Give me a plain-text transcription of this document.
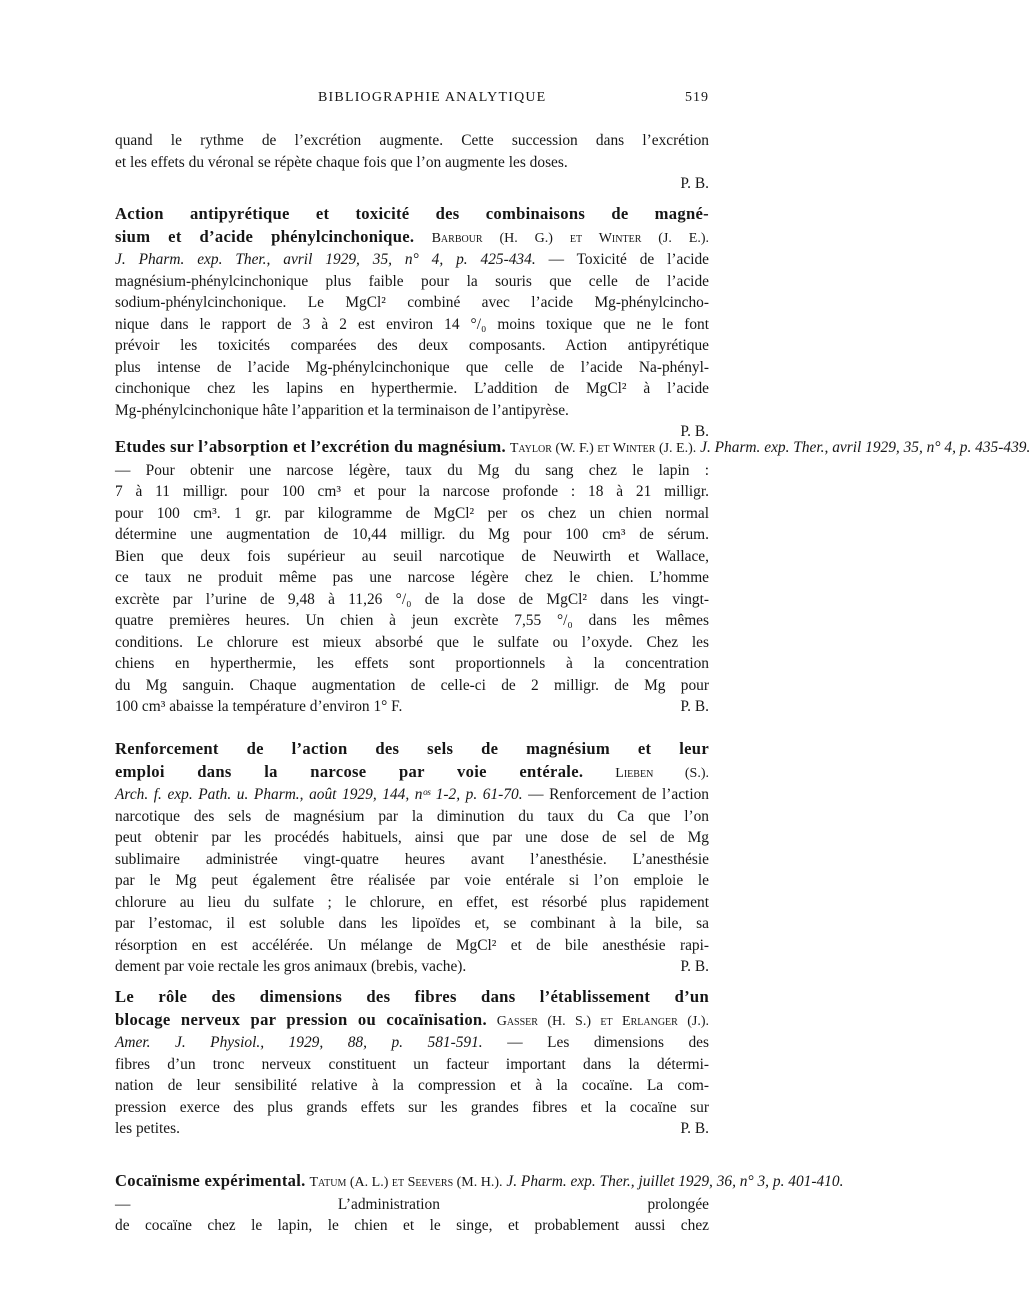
BIBLIOGRAPHIE ANALYTIQUE	519
quand le rythme de l’excrétion augmente. Cette succession dans l’excrétion
et les effets du véronal se répète chaque fois que l’on augmente les doses.
P. B.
Action antipyrétique et toxicité des combinaisons de magné-
sium et d’acide phénylcinchonique. Barbour (H. G.) et Winter (J. E.).
J. Pharm. exp. Ther., avril 1929, 35, n° 4, p. 425-434. — Toxicité de l’acide
magnésium-phénylcinchonique plus faible pour la souris que celle de l’acide
sodium-phénylcinchonique. Le MgCl² combiné avec l’acide Mg-phénylcincho-
nique dans le rapport de 3 à 2 est environ 14 °/₀ moins toxique que ne le font
prévoir les toxicités comparées des deux composants. Action antipyrétique
plus intense de l’acide Mg-phénylcinchonique que celle de l’acide Na-phényl-
cinchonique chez les lapins en hyperthermie. L’addition de MgCl² à l’acide
Mg-phénylcinchonique hâte l’apparition et la terminaison de l’antipyrèse.
P. B.
Etudes sur l’absorption et l’excrétion du magnésium. Taylor (W. F.) et Winter (J. E.). J. Pharm. exp. Ther., avril 1929, 35, n° 4, p. 435-439.
— Pour obtenir une narcose légère, taux du Mg du sang chez le lapin :
7 à 11 milligr. pour 100 cm³ et pour la narcose profonde : 18 à 21 milligr.
pour 100 cm³. 1 gr. par kilogramme de MgCl² per os chez un chien normal
détermine une augmentation de 10,44 milligr. du Mg pour 100 cm³ de sérum.
Bien que deux fois supérieur au seuil narcotique de Neuwirth et Wallace,
ce taux ne produit même pas une narcose légère chez le chien. L’homme
excrète par l’urine de 9,48 à 11,26 °/₀ de la dose de MgCl² dans les vingt-
quatre premières heures. Un chien à jeun excrète 7,55 °/₀ dans les mêmes
conditions. Le chlorure est mieux absorbé que le sulfate ou l’oxyde. Chez les
chiens en hyperthermie, les effets sont proportionnels à la concentration
du Mg sanguin. Chaque augmentation de celle-ci de 2 milligr. de Mg pour
100 cm³ abaisse la température d’environ 1° F.	P. B.
Renforcement de l’action des sels de magnésium et leur
emploi dans la narcose par voie entérale. Lieben (S.).
Arch. f. exp. Path. u. Pharm., août 1929, 144, nᵒˢ 1-2, p. 61-70. — Renforcement de l’action
narcotique des sels de magnésium par la diminution du taux du Ca que l’on
peut obtenir par les procédés habituels, ainsi que par une dose de sel de Mg
sublimaire administrée vingt-quatre heures avant l’anesthésie. L’anesthésie
par le Mg peut également être réalisée par voie entérale si l’on emploie le
chlorure au lieu du sulfate ; le chlorure, en effet, est résorbé plus rapidement
par l’estomac, il est soluble dans les lipoïdes et, se combinant à la bile, sa
résorption en est accélérée. Un mélange de MgCl² et de bile anesthésie rapi-
dement par voie rectale les gros animaux (brebis, vache).	P. B.
Le rôle des dimensions des fibres dans l’établissement d’un
blocage nerveux par pression ou cocaïnisation. Gasser (H. S.) et Erlanger (J.).
Amer. J. Physiol., 1929, 88, p. 581-591. — Les dimensions des
fibres d’un tronc nerveux constituent un facteur important dans la détermi-
nation de leur sensibilité relative à la compression et à la cocaïne. La com-
pression exerce des plus grands effets sur les grandes fibres et la cocaïne sur
les petites.	P. B.
Cocaïnisme expérimental. Tatum (A. L.) et Seevers (M. H.). J. Pharm. exp. Ther., juillet 1929, 36, n° 3, p. 401-410.
— L’administration prolongée
de cocaïne chez le lapin, le chien et le singe, et probablement aussi chez
